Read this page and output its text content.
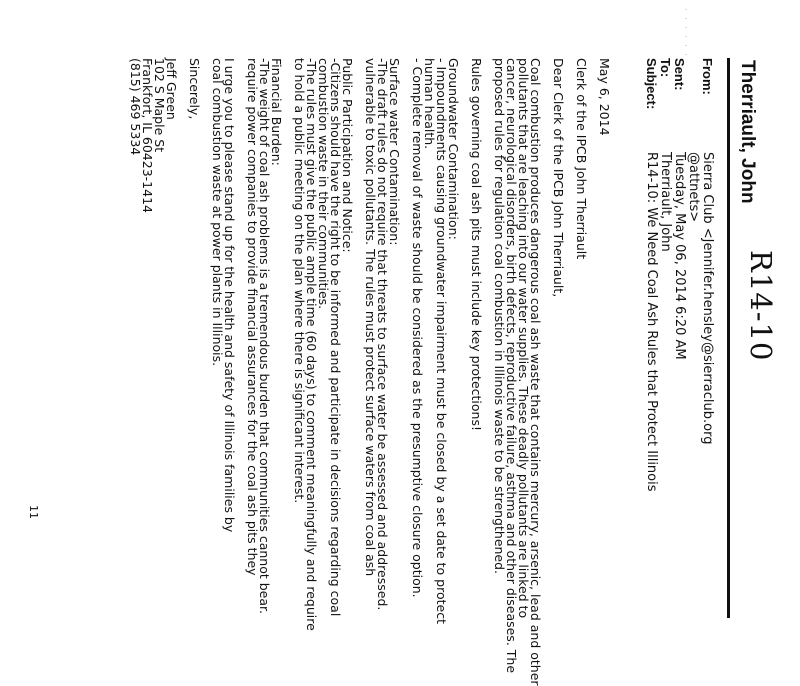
R14-10
Therriault, John
From:
Sierra Club <Jennifer.hensley@sierraclub.org
@attnets>
Sent:
Tuesday, May 06, 2014 6:20 AM
To:
Therriault, John
Subject:
R14-10: We Need Coal Ash Rules that Protect Illinois
May 6, 2014
Clerk of the IPCB John Therriault
Dear Clerk of the IPCB John Therriault,
Coal combustion produces dangerous coal ash waste that contains mercury, arsenic, lead and other
pollutants that are leaching into our water supplies. These deadly pollutants are linked to
cancer, neurological disorders, birth defects, reproductive failure, asthma and other diseases. The
proposed rules for regulation coal combustion in Illinois waste to be strengthened.
Rules governing coal ash pits must include key protections!
Groundwater Contamination:
- Impoundments causing groundwater impairment must be closed by a set date to protect
human health.
- Complete removal of waste should be considered as the presumptive closure option.
Surface water Contamination:
-The draft rules do not require that threats to surface water be assessed and addressed.
vulnerable to toxic pollutants. The rules must protect surface waters from coal ash
Public Participation and Notice:
-Citizens should have the right to be informed and participate in decisions regarding coal
combustion waste in their communities.
-The rules must give the public ample time (60 days) to comment meaningfully and require
to hold a public meeting on the plan where there is significant interest.
Financial Burden:
-The weight of coal ash problems is a tremendous burden that communities cannot bear.
require power companies to provide financial assurances for the coal ash pits they
I urge you to please stand up for the health and safety of Illinois families by
coal combustion waste at power plants in Illinois.
Sincerely,
Jeff Green
102 S Maple St
Frankfort, IL 60423-1414
(815) 469 5334
· · · · · ·
11
